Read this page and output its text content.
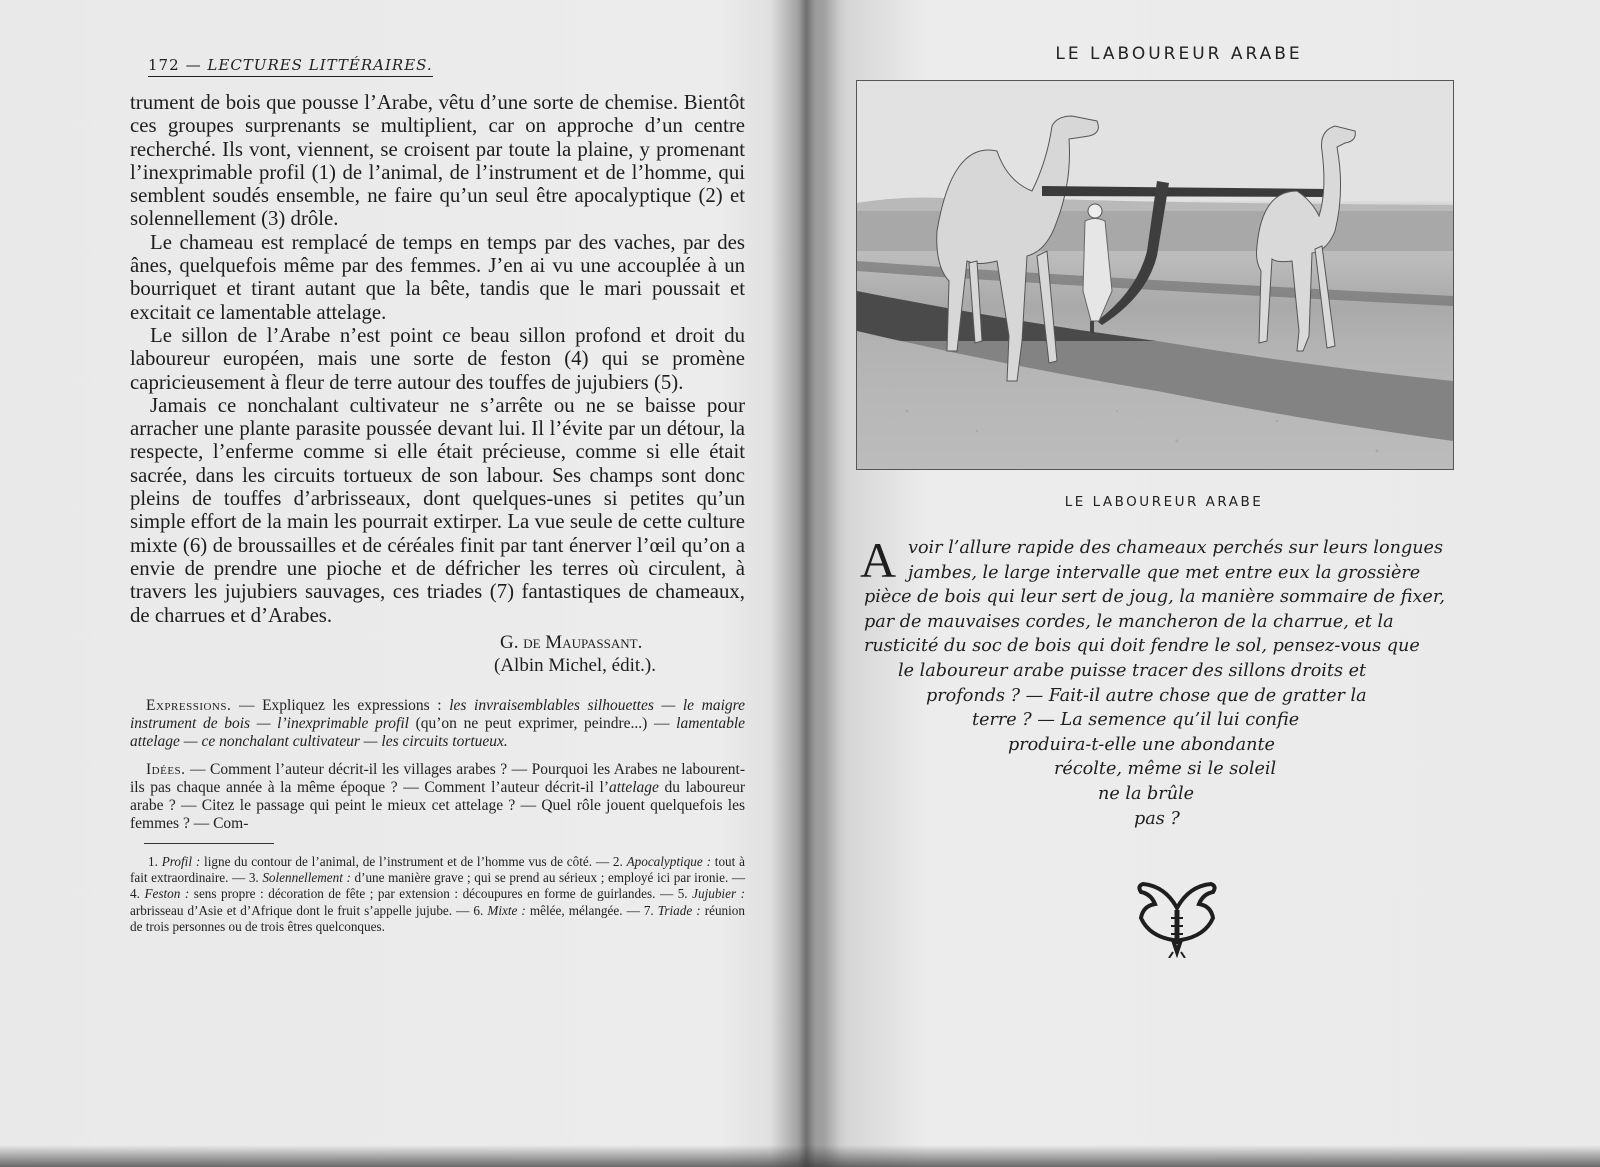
172 — LECTURES LITTÉRAIRES.

trument de bois que pousse l’Arabe, vêtu d’une sorte de chemise. Bientôt ces groupes surprenants se multiplient, car on approche d’un centre recherché. Ils vont, viennent, se croisent par toute la plaine, y promenant l’inexprimable profil (1) de l’animal, de l’instrument et de l’homme, qui semblent soudés ensemble, ne faire qu’un seul être apocalyptique (2) et solennellement (3) drôle.

Le chameau est remplacé de temps en temps par des vaches, par des ânes, quelquefois même par des femmes. J’en ai vu une accouplée à un bourriquet et tirant autant que la bête, tandis que le mari poussait et excitait ce lamentable attelage.

Le sillon de l’Arabe n’est point ce beau sillon profond et droit du laboureur européen, mais une sorte de feston (4) qui se promène capricieusement à fleur de terre autour des touffes de jujubiers (5).

Jamais ce nonchalant cultivateur ne s’arrête ou ne se baisse pour arracher une plante parasite poussée devant lui. Il l’évite par un détour, la respecte, l’enferme comme si elle était précieuse, comme si elle était sacrée, dans les circuits tortueux de son labour. Ses champs sont donc pleins de touffes d’arbrisseaux, dont quelques-unes si petites qu’un simple effort de la main les pourrait extirper. La vue seule de cette culture mixte (6) de broussailles et de céréales finit par tant énerver l’œil qu’on a envie de prendre une pioche et de défricher les terres où circulent, à travers les jujubiers sauvages, ces triades (7) fantastiques de chameaux, de charrues et d’Arabes.

G. de Maupassant.
(Albin Michel, édit.).

Expressions. — Expliquez les expressions : les invraisemblables silhouettes — le maigre instrument de bois — l’inexprimable profil (qu’on ne peut exprimer, peindre...) — lamentable attelage — ce nonchalant cultivateur — les circuits tortueux.

Idées. — Comment l’auteur décrit-il les villages arabes ? — Pourquoi les Arabes ne labourent-ils pas chaque année à la même époque ? — Comment l’auteur décrit-il l’attelage du laboureur arabe ? — Citez le passage qui peint le mieux cet attelage ? — Quel rôle jouent quelquefois les femmes ? — Com-

1. Profil : ligne du contour de l’animal, de l’instrument et de l’homme vus de côté. — 2. Apocalyptique : tout à fait extraordinaire. — 3. Solennellement : d’une manière grave ; qui se prend au sérieux ; employé ici par ironie. — 4. Feston : sens propre : décoration de fête ; par extension : découpures en forme de guirlandes. — 5. Jujubier : arbrisseau d’Asie et d’Afrique dont le fruit s’appelle jujube. — 6. Mixte : mêlée, mélangée. — 7. Triade : réunion de trois personnes ou de trois êtres quelconques.

LE LABOUREUR ARABE
LE LABOUREUR ARABE
A voir l’allure rapide des chameaux perchés sur leurs longues
jambes, le large intervalle que met entre eux la grossière
pièce de bois qui leur sert de joug, la manière sommaire de fixer,
par de mauvaises cordes, le mancheron de la charrue, et la
rusticité du soc de bois qui doit fendre le sol, pensez-vous que
le laboureur arabe puisse tracer des sillons droits et
profonds ? — Fait-il autre chose que de gratter la
terre ? — La semence qu’il lui confie
produira-t-elle une abondante
récolte, même si le soleil
ne la brûle
pas ?
